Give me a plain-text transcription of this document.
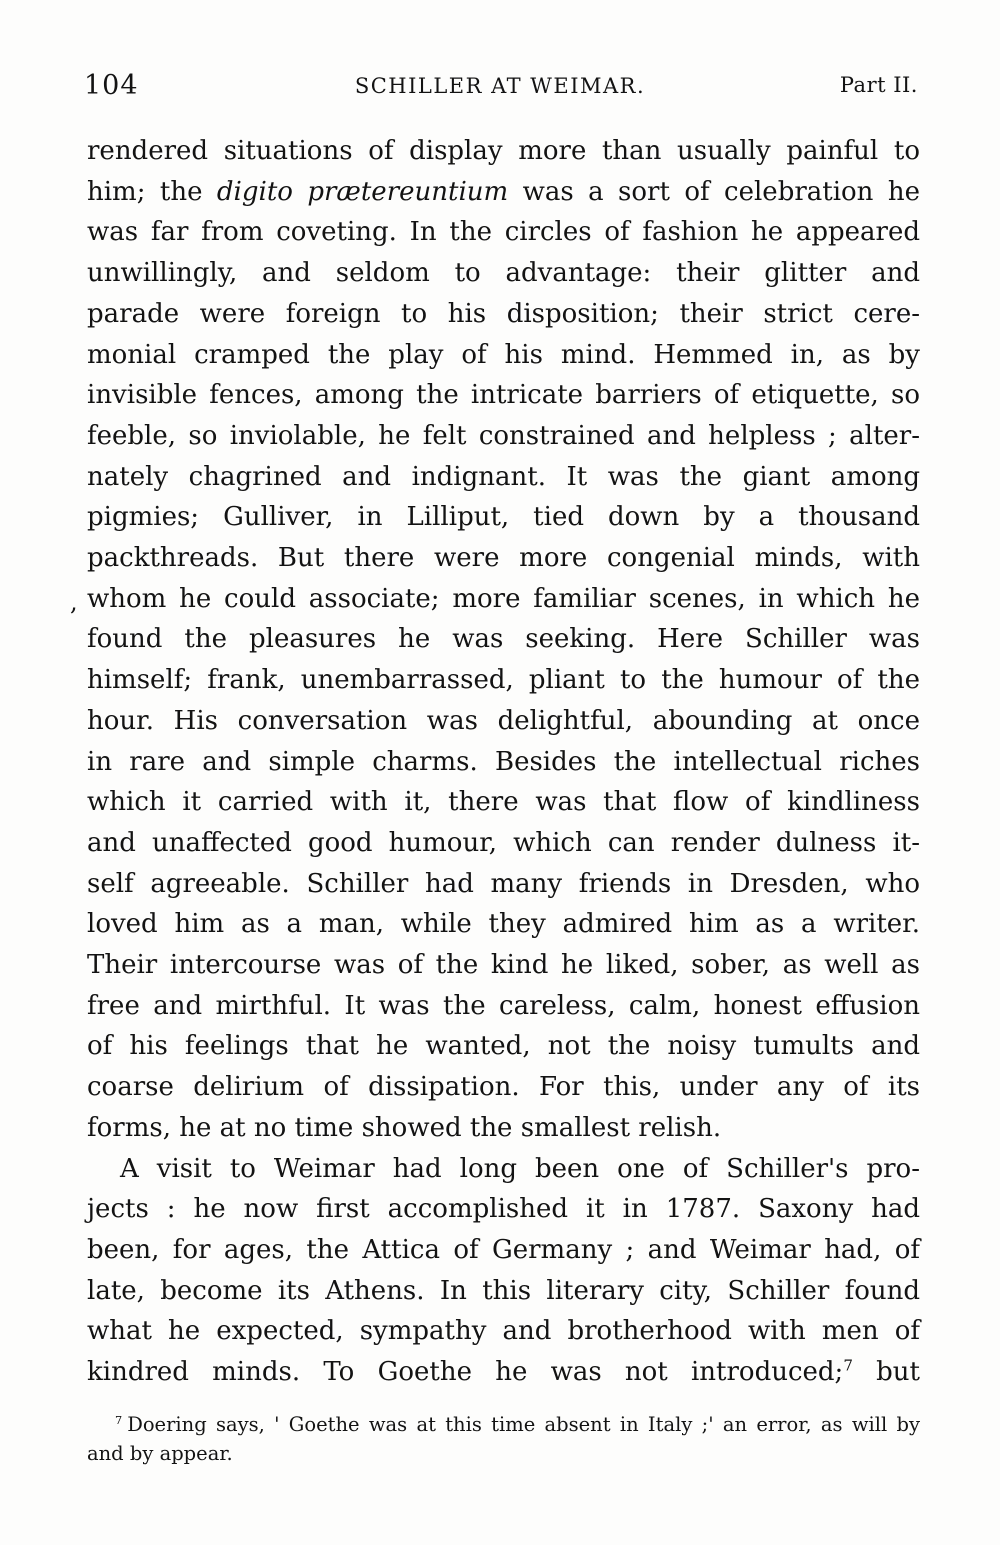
104	SCHILLER AT WEIMAR.	Part II.
rendered situations of display more than usually painful to
him; the digito prætereuntium was a sort of celebration he
was far from coveting. In the circles of fashion he appeared
unwillingly, and seldom to advantage: their glitter and
parade were foreign to his disposition; their strict cere-
monial cramped the play of his mind. Hemmed in, as by
invisible fences, among the intricate barriers of etiquette, so
feeble, so inviolable, he felt constrained and helpless ; alter-
nately chagrined and indignant. It was the giant among
pigmies; Gulliver, in Lilliput, tied down by a thousand
packthreads. But there were more congenial minds, with
, whom he could associate; more familiar scenes, in which he
found the pleasures he was seeking. Here Schiller was
himself; frank, unembarrassed, pliant to the humour of the
hour. His conversation was delightful, abounding at once
in rare and simple charms. Besides the intellectual riches
which it carried with it, there was that flow of kindliness
and unaffected good humour, which can render dulness it-
self agreeable. Schiller had many friends in Dresden, who
loved him as a man, while they admired him as a writer.
Their intercourse was of the kind he liked, sober, as well as
free and mirthful. It was the careless, calm, honest effusion
of his feelings that he wanted, not the noisy tumults and
coarse delirium of dissipation. For this, under any of its
forms, he at no time showed the smallest relish.
A visit to Weimar had long been one of Schiller's pro-
jects : he now first accomplished it in 1787. Saxony had
been, for ages, the Attica of Germany ; and Weimar had, of
late, become its Athens. In this literary city, Schiller found
what he expected, sympathy and brotherhood with men of
kindred minds. To Goethe he was not introduced;$^7$ but
$^7$ Doering says, ' Goethe was at this time absent in Italy ;' an error, as will by
and by appear.
